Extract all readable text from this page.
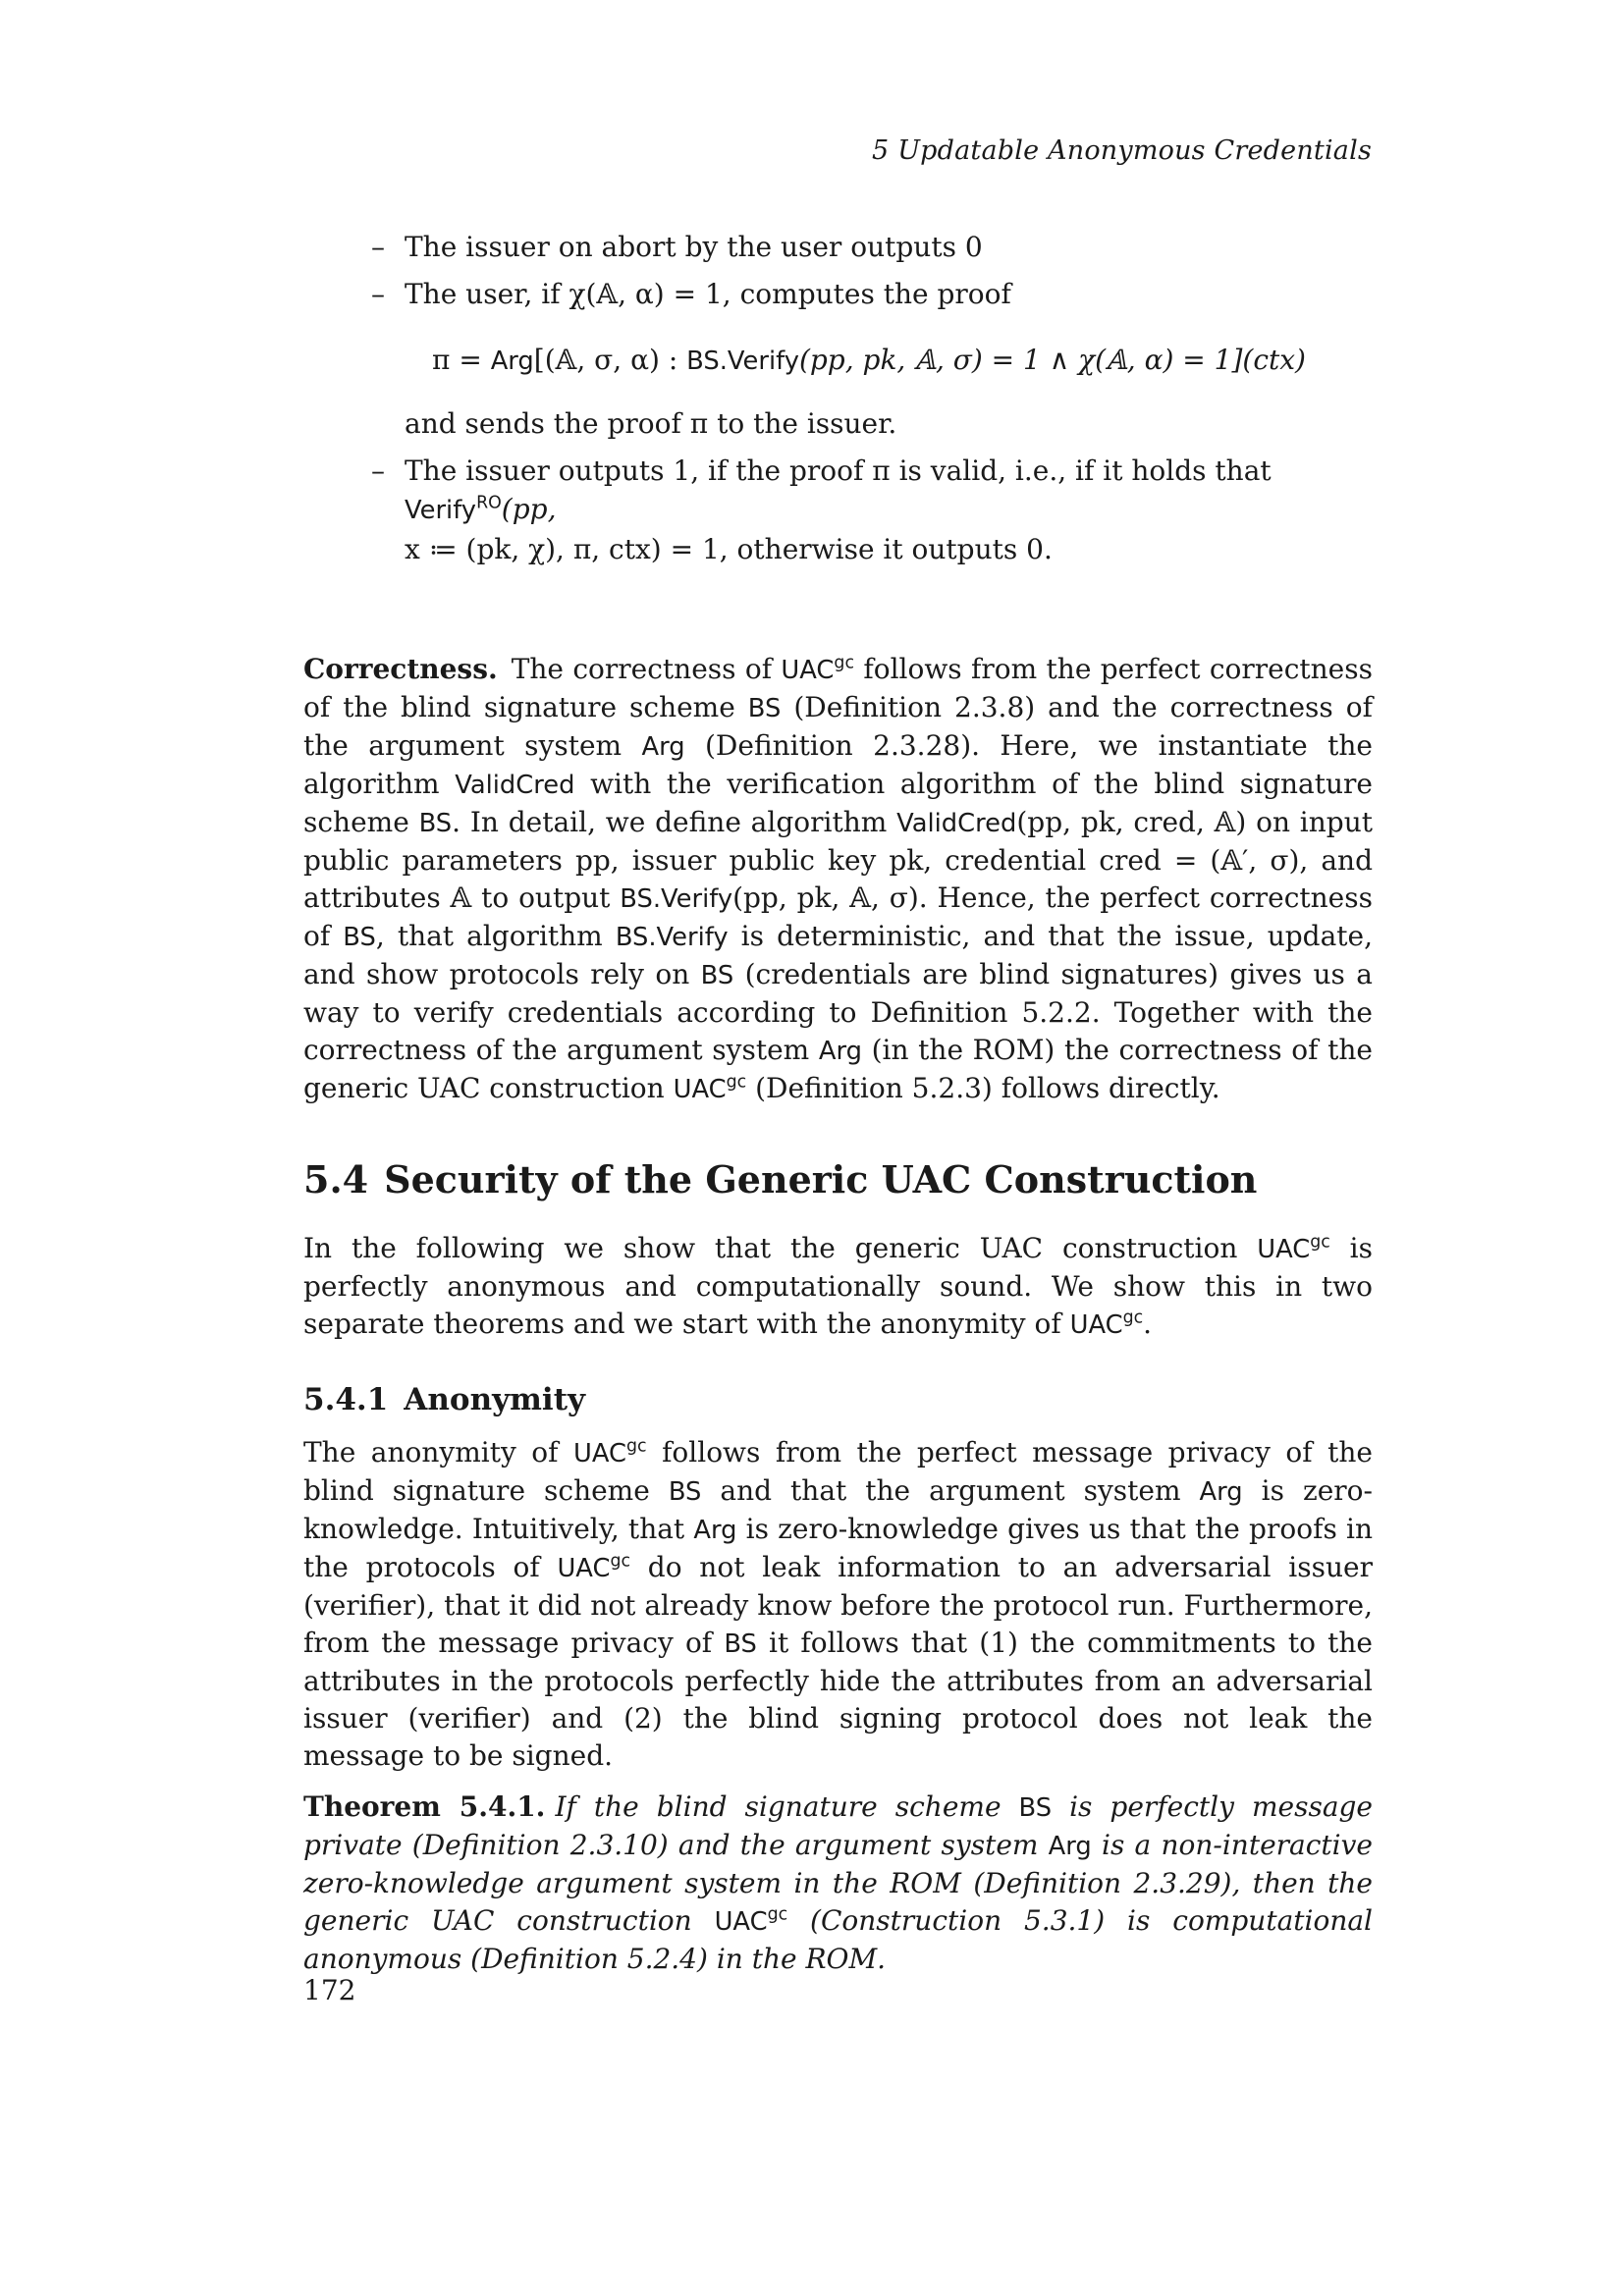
5 Updatable Anonymous Credentials
– The issuer on abort by the user outputs 0
– The user, if χ(𝔸, α) = 1, computes the proof
π = Arg[(𝔸, σ, α) : BS.Verify(pp, pk, 𝔸, σ) = 1 ∧ χ(𝔸, α) = 1](ctx)
and sends the proof π to the issuer.
– The issuer outputs 1, if the proof π is valid, i.e., if it holds that Verify$^{RO}$(pp,
x ≔ (pk, χ), π, ctx) = 1, otherwise it outputs 0.

Correctness. The correctness of $UAC^{gc}$ follows from the perfect correctness of the blind signature scheme BS (Definition 2.3.8) and the correctness of the argument system Arg (Definition 2.3.28). Here, we instantiate the algorithm ValidCred with the verification algorithm of the blind signature scheme BS. In detail, we define algorithm ValidCred(pp, pk, cred, 𝔸) on input public parameters pp, issuer public key pk, credential cred = (𝔸′, σ), and attributes 𝔸 to output BS.Verify(pp, pk, 𝔸, σ). Hence, the perfect correctness of BS, that algorithm BS.Verify is deterministic, and that the issue, update, and show protocols rely on BS (credentials are blind signatures) gives us a way to verify credentials according to Definition 5.2.2. Together with the correctness of the argument system Arg (in the ROM) the correctness of the generic UAC construction $UAC^{gc}$ (Definition 5.2.3) follows directly.

5.4 Security of the Generic UAC Construction

In the following we show that the generic UAC construction $UAC^{gc}$ is perfectly anonymous and computationally sound. We show this in two separate theorems and we start with the anonymity of $UAC^{gc}$.

5.4.1 Anonymity

The anonymity of $UAC^{gc}$ follows from the perfect message privacy of the blind signature scheme BS and that the argument system Arg is zero-knowledge. Intuitively, that Arg is zero-knowledge gives us that the proofs in the protocols of $UAC^{gc}$ do not leak information to an adversarial issuer (verifier), that it did not already know before the protocol run. Furthermore, from the message privacy of BS it follows that (1) the commitments to the attributes in the protocols perfectly hide the attributes from an adversarial issuer (verifier) and (2) the blind signing protocol does not leak the message to be signed.

Theorem 5.4.1. If the blind signature scheme BS is perfectly message private (Definition 2.3.10) and the argument system Arg is a non-interactive zero-knowledge argument system in the ROM (Definition 2.3.29), then the generic UAC construction $UAC^{gc}$ (Construction 5.3.1) is computational anonymous (Definition 5.2.4) in the ROM.
172
